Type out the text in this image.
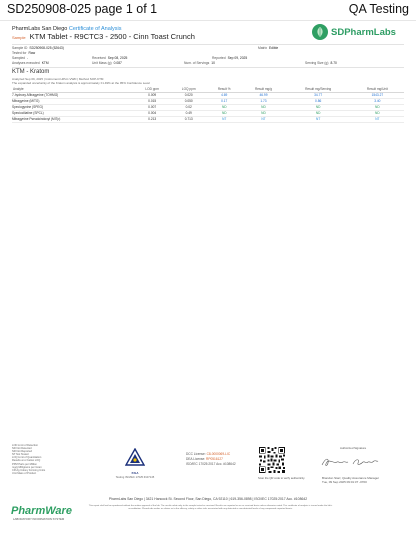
SD250908-025 page 1 of 1	QA Testing
PharmLabs San Diego Certificate of Analysis
Sample KTM Tablet - R9CTC3 - 2500 - Cinn Toast Crunch	SDPharmLabs
Sample ID SD250908-025 (52643)	Matrix Edible
Tested for Raw
Sampled -	Received Sep 08, 2025	Reported Sep 09, 2025
Analyses executed KTM	Unit Mass (g) 0.087	Num. of Servings 10	Serving Size (g) 8.70
KTM - Kratom
Analyzed Sep 09, 2025 | Instrument HPLC-VWD | Method SOP-KTM
The expanded uncertainty of the Kratom analysis is approximately ±1.49% at the 95% Confidence Level
Analyte	LOD ppm	LOQ ppm	Result %	Result mg/g	Result mg/Serving	Result mg/Unit
7-hydroxy-Mitragynine (7OHMG)	0.009	0.020	4.69	46.99	34.77	1543.27
Mitragynine (MITG)	0.015	0.050	0.17	1.73	0.86	3.40
Speciogynine (SPEG)	0.007	0.02	ND	ND	ND	ND
Speciociliatine (SPCL)	0.004	0.49	ND	ND	ND	ND
Mitragynine Pseudoindoxyl (MITp)	0.213	0.713	NT	NT	NT	NT
LOD Limit of Detection
ND Not Detected
NR Not Reported
NT Not Tested
LOQ Limit of Quantitation
Results at or below LOQ
PPM Parts per Million
mg/g Milligrams per Gram
CFU/g Colony Forming Units
Unit Mass of Product
PharmWare
LABORATORY INFORMATION SYSTEM
PJLA
Testing ISO/IEC 17025 #107145
DCC License: C8-0000069-LIC
DEA License: RP0516127
ISO/IEC 17025:2017 Acc. #108642
Scan the QR code to verify authenticity.
Authorized Signature
Brandon Starr, Quality Assurance Manager
Tue, 09 Sep 2025 09:01:37 -0700
PharmLabs San Diego | 3421 Hancock St. Second Floor, San Diego, CA 92110 | 619-356-0898 | ISO/IEC 17025:2017 Acc. #108642
This report shall not be reproduced without the written approval of the lab. The results relate only to the sample tested as received. Results are reported on an as received basis unless otherwise noted. This certificate of analysis is issued under the lab's accreditation. PharmLabs makes no claims as to the efficacy, safety or other risks associated with any detected or non-detected levels of any compounds reported herein.
